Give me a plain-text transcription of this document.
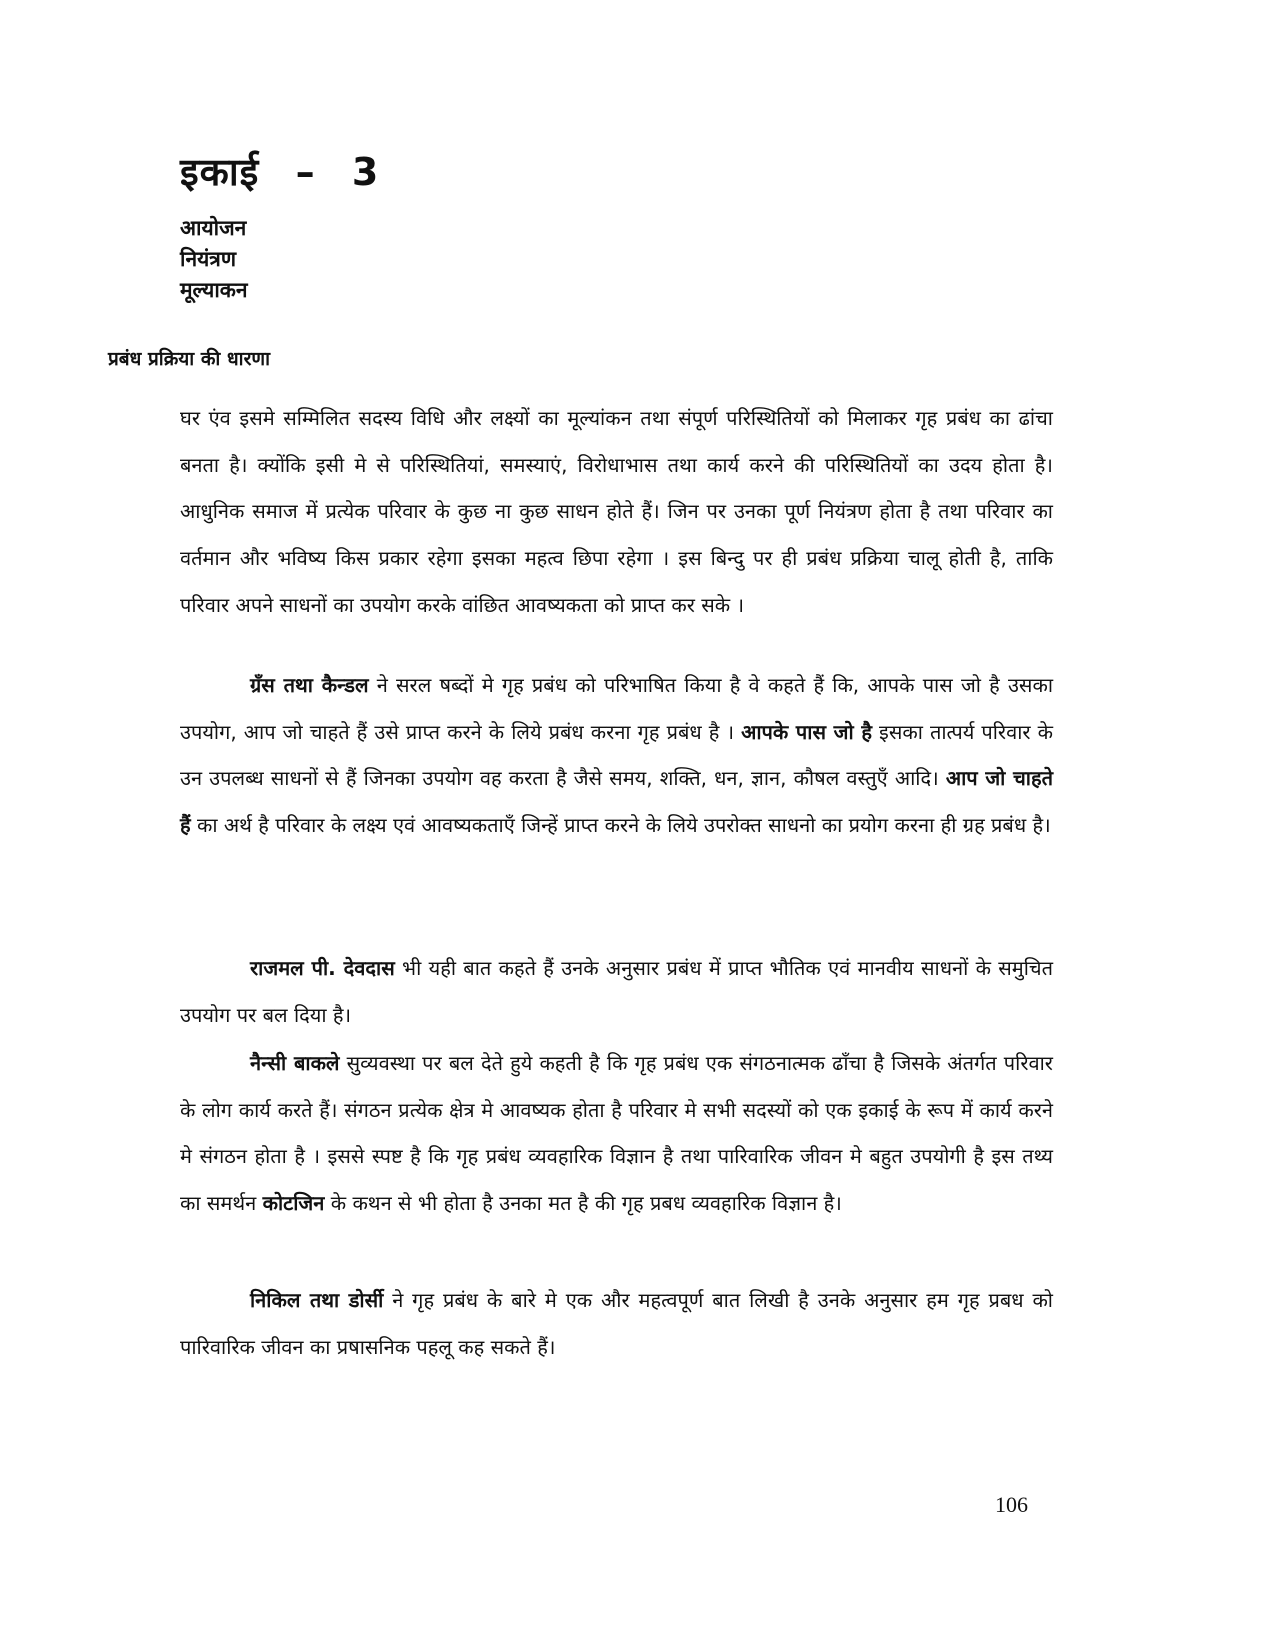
इकाई – 3
आयोजन
नियंत्रण
मूल्याकन
प्रबंध प्रक्रिया की धारणा

घर एंव इसमे सम्मिलित सदस्य विधि और लक्ष्यों का मूल्यांकन तथा संपूर्ण परिस्थितियों को मिलाकर गृह प्रबंध का ढांचा बनता है। क्योंकि इसी मे से परिस्थितियां, समस्याएं, विरोधाभास तथा कार्य करने की परिस्थितियों का उदय होता है।आधुनिक समाज में प्रत्येक परिवार के कुछ ना कुछ साधन होते हैं। जिन पर उनका पूर्ण नियंत्रण होता है तथा परिवार का वर्तमान और भविष्य किस प्रकार रहेगा इसका महत्व छिपा रहेगा । इस बिन्दु पर ही प्रबंध प्रक्रिया चालू होती है, ताकि परिवार अपने साधनों का उपयोग करके वांछित आवष्यकता को प्राप्त कर सके ।

ग्रॅंस तथा कैन्डल ने सरल षब्दों मे गृह प्रबंध को परिभाषित किया है वे कहते हैं कि, आपके पास जो है उसका उपयोग, आप जो चाहते हैं उसे प्राप्त करने के लिये प्रबंध करना गृह प्रबंध है । आपके पास जो है इसका तात्पर्य परिवार के उन उपलब्ध साधनों से हैं जिनका उपयोग वह करता है जैसे समय, शक्ति, धन, ज्ञान, कौषल वस्तुऍं आदि। आप जो चाहते हैं का अर्थ है परिवार के लक्ष्य एवं आवष्यकताऍं जिन्हें प्राप्त करने के लिये उपरोक्त साधनो का प्रयोग करना ही ग्रह प्रबंध है।

राजमल पी. देवदास भी यही बात कहते हैं उनके अनुसार प्रबंध में प्राप्त भौतिक एवं मानवीय साधनों के समुचित उपयोग पर बल दिया है।

नैन्सी बाकले सुव्यवस्था पर बल देते हुये कहती है कि गृह प्रबंध एक संगठनात्मक ढॉंचा है जिसके अंतर्गत परिवार के लोग कार्य करते हैं। संगठन प्रत्येक क्षेत्र मे आवष्यक होता है परिवार मे सभी सदस्यों को एक इकाई के रूप में कार्य करने मे संगठन होता है । इससे स्पष्ट है कि गृह प्रबंध व्यवहारिक विज्ञान है तथा पारिवारिक जीवन मे बहुत उपयोगी है इस तथ्य का समर्थन कोटजिन के कथन से भी होता है उनका मत है की गृह प्रबध व्यवहारिक विज्ञान है।

निकिल तथा डोर्सी ने गृह प्रबंध के बारे मे एक और महत्वपूर्ण बात लिखी है उनके अनुसार हम गृह प्रबध को पारिवारिक जीवन का प्रषासनिक पहलू कह सकते हैं।

106
